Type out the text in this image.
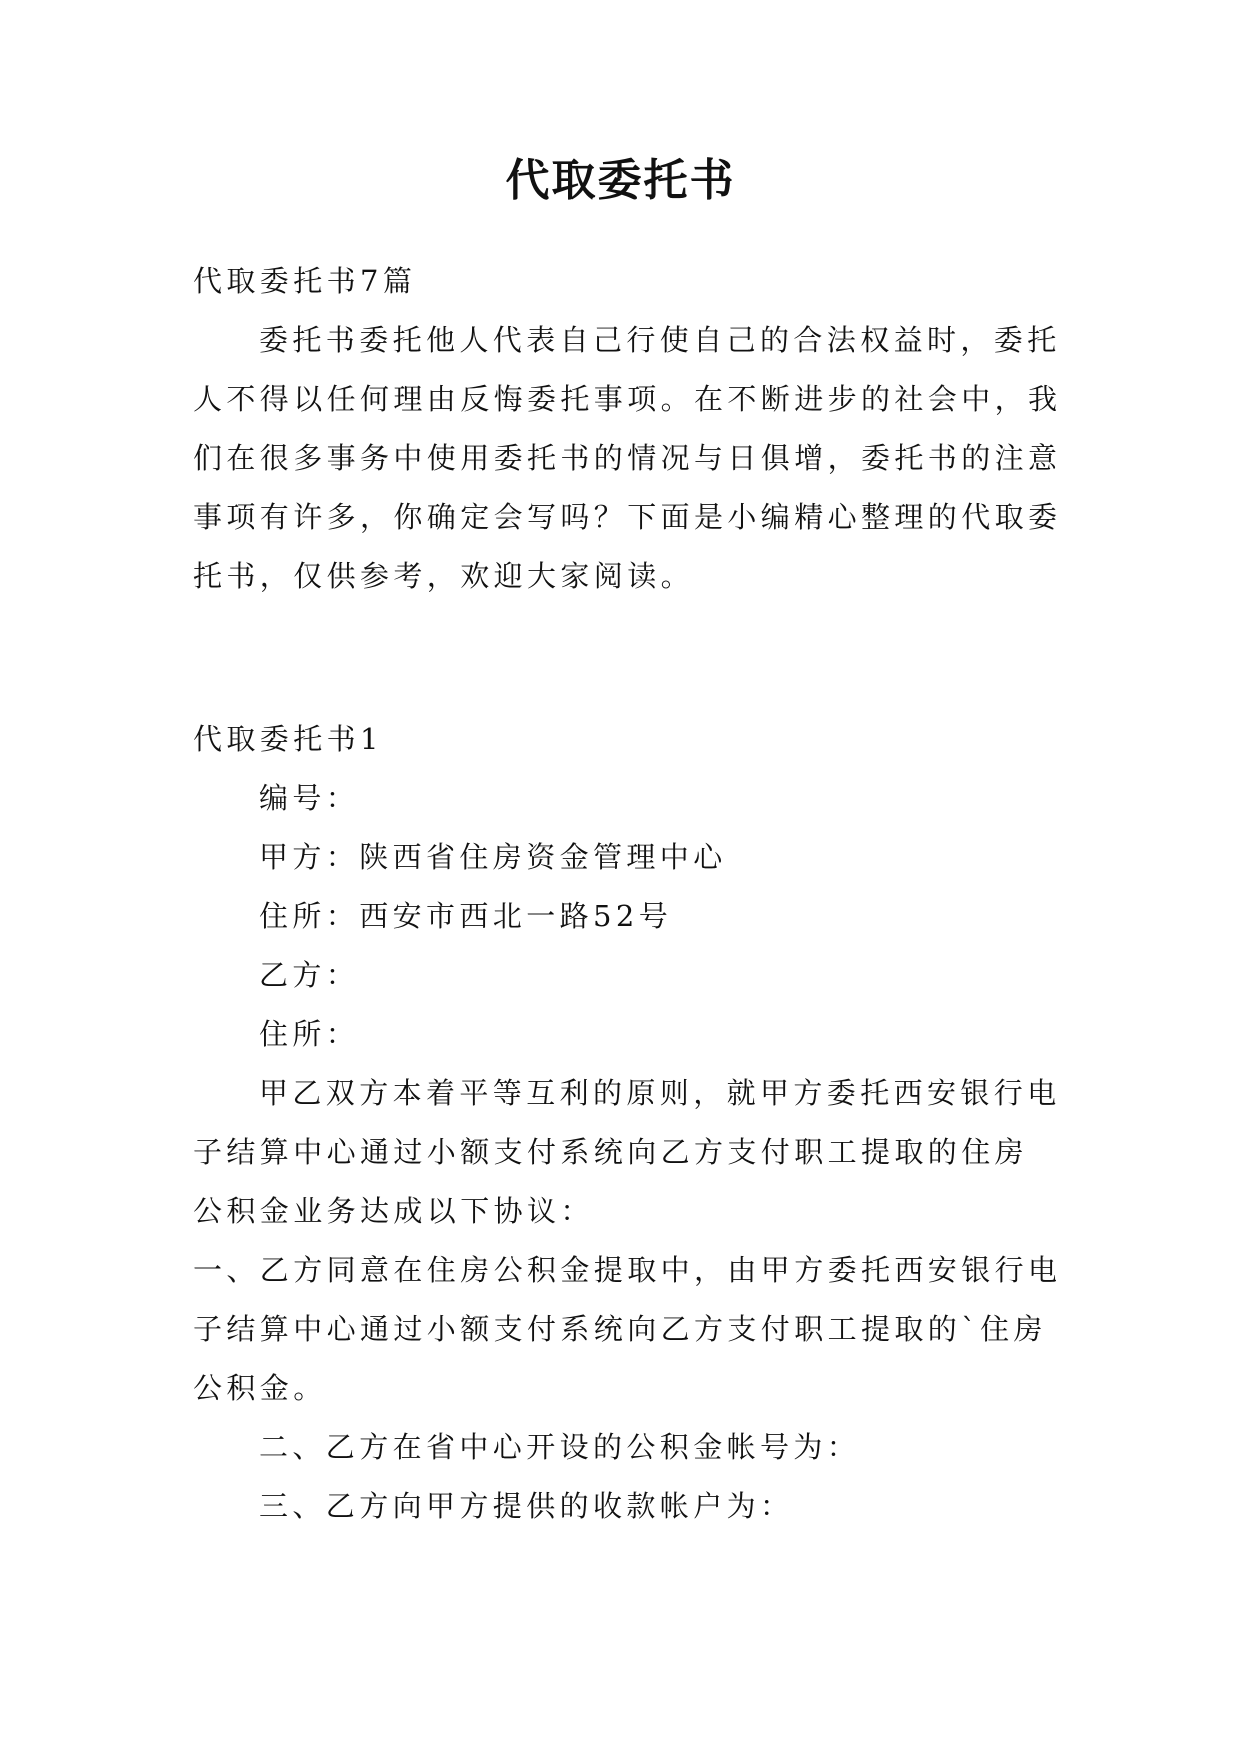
代取委托书
代取委托书7篇
委托书委托他人代表自己行使自己的合法权益时，委托
人不得以任何理由反悔委托事项。在不断进步的社会中，我
们在很多事务中使用委托书的情况与日俱增，委托书的注意
事项有许多，你确定会写吗？下面是小编精心整理的代取委
托书，仅供参考，欢迎大家阅读。
代取委托书1
编号：
甲方：陕西省住房资金管理中心
住所：西安市西北一路52号
乙方：
住所：
甲乙双方本着平等互利的原则，就甲方委托西安银行电
子结算中心通过小额支付系统向乙方支付职工提取的住房
公积金业务达成以下协议：
一、乙方同意在住房公积金提取中，由甲方委托西安银行电
子结算中心通过小额支付系统向乙方支付职工提取的`住房
公积金。
二、乙方在省中心开设的公积金帐号为：
三、乙方向甲方提供的收款帐户为：
